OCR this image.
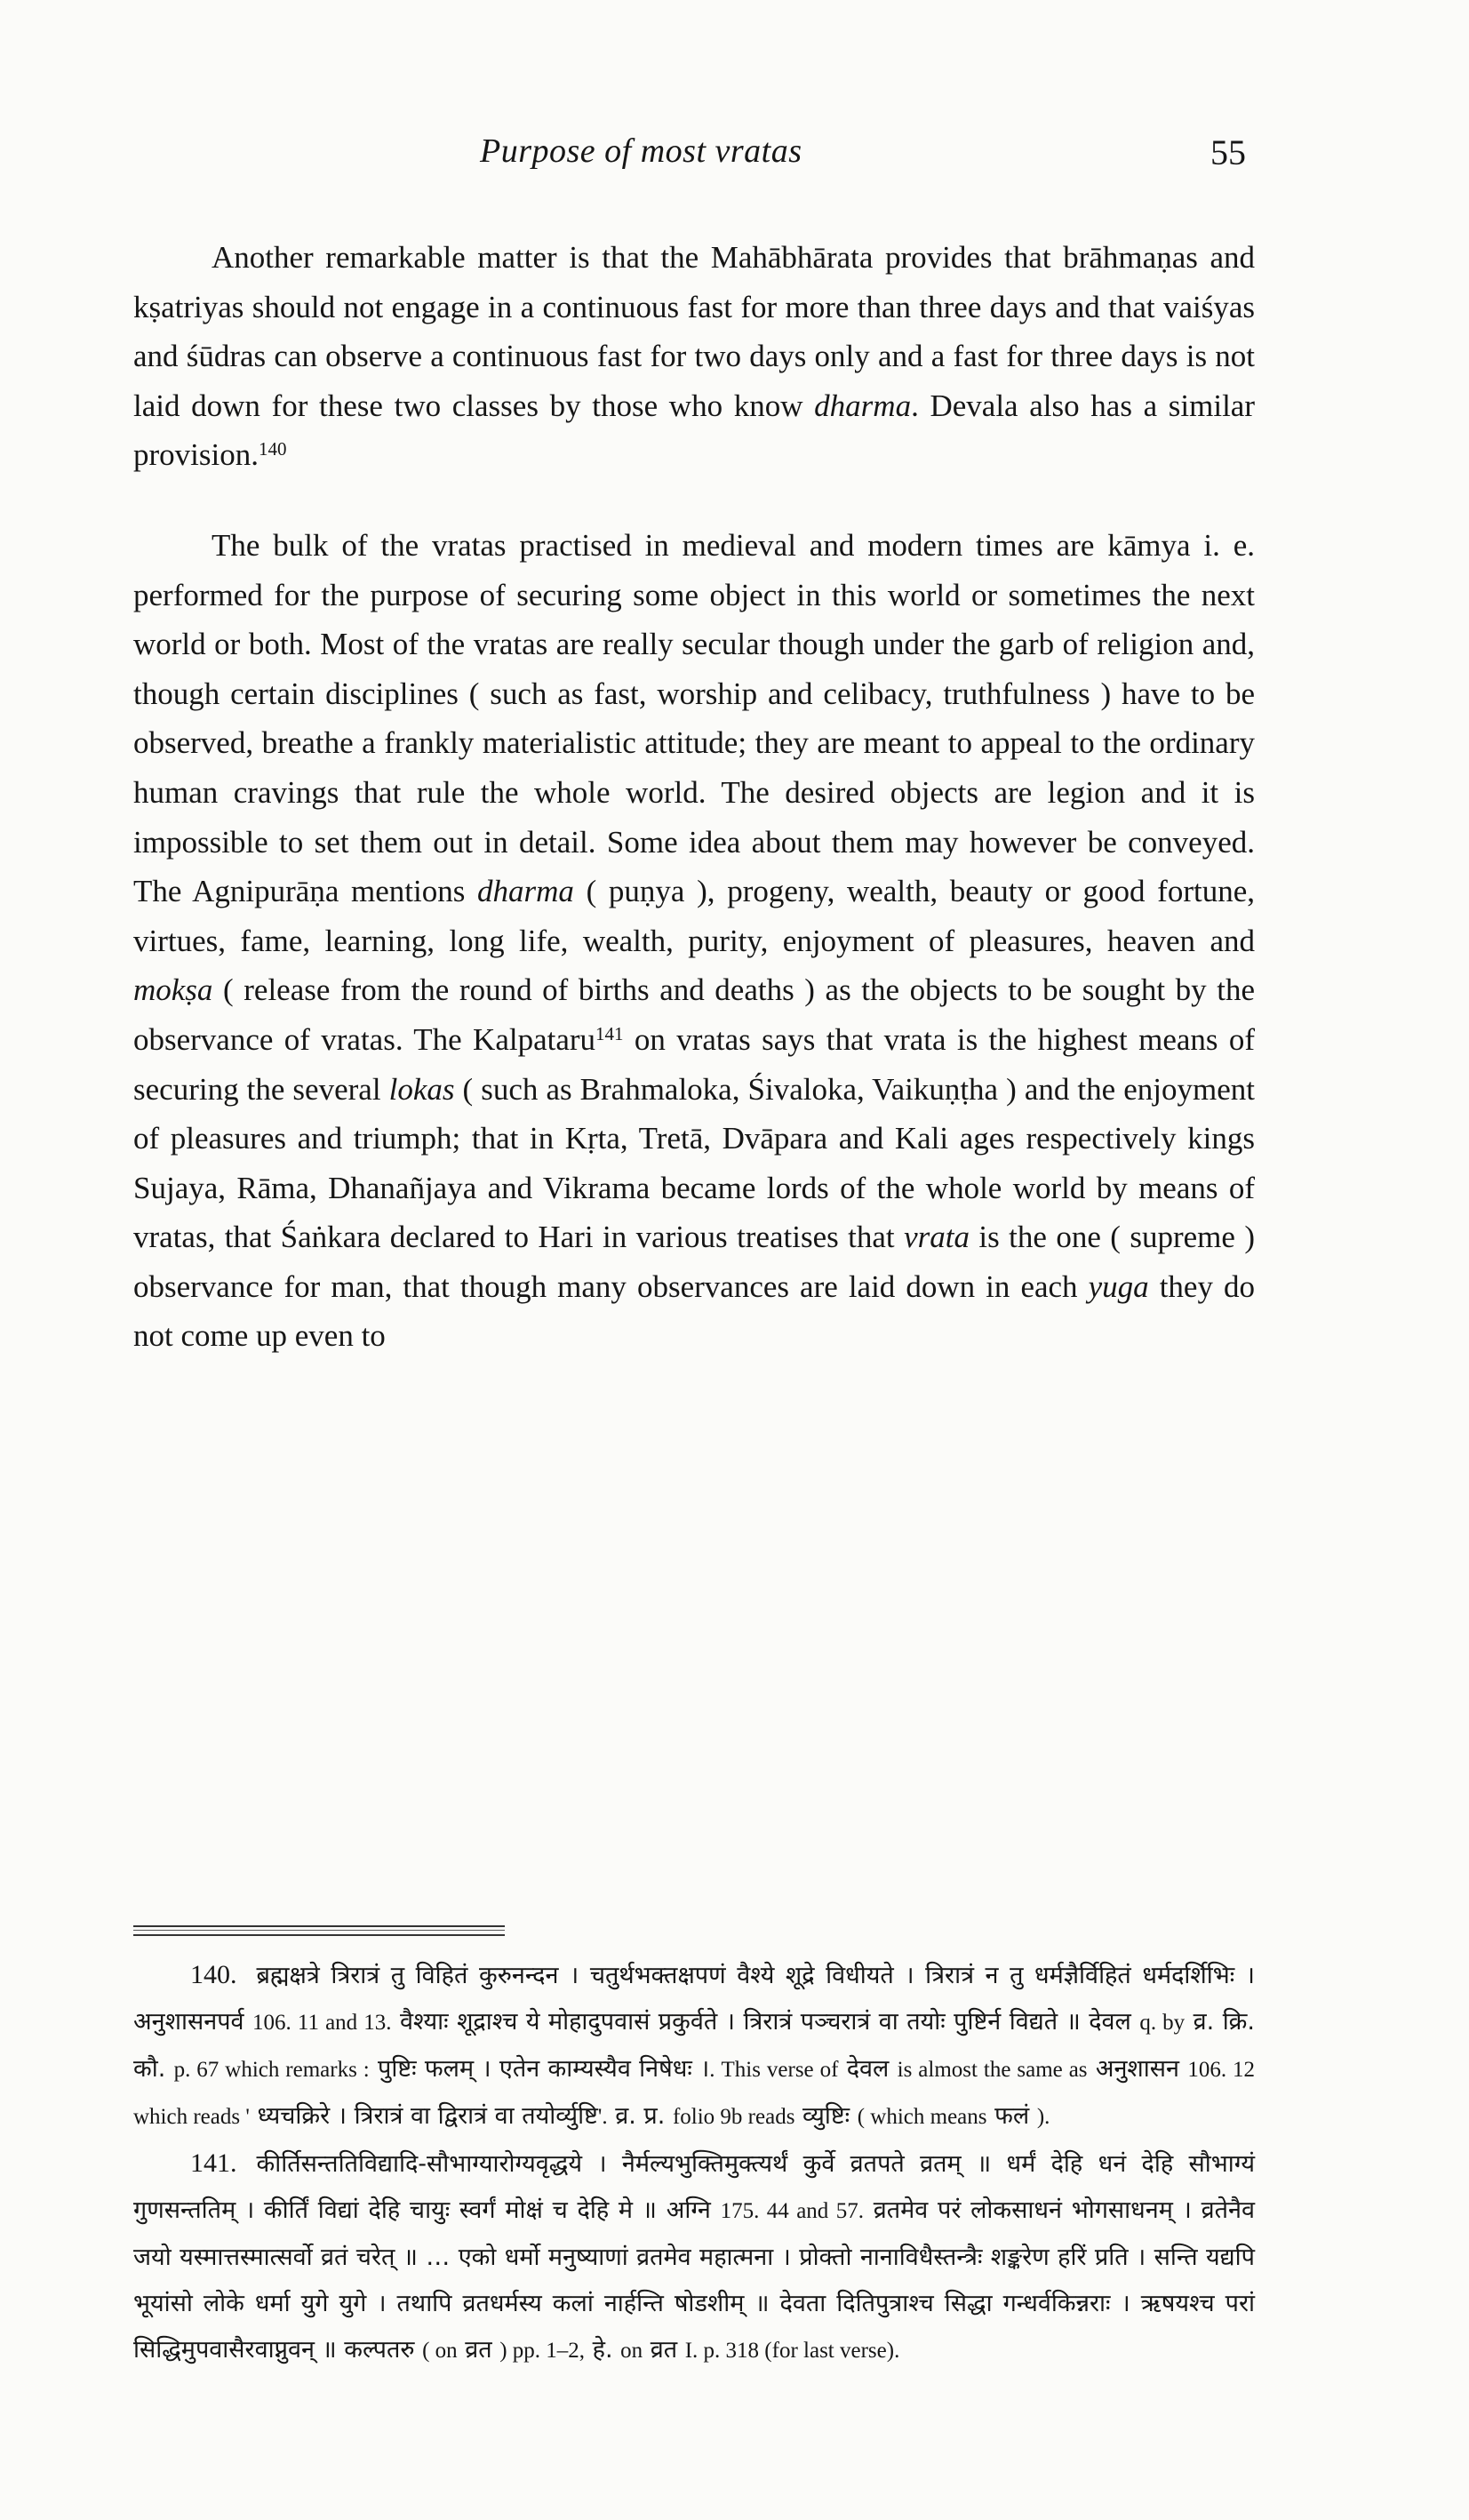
Purpose of most vratas	55

Another remarkable matter is that the Mahābhārata provides that brāhmaṇas and kṣatriyas should not engage in a continuous fast for more than three days and that vaiśyas and śūdras can observe a continuous fast for two days only and a fast for three days is not laid down for these two classes by those who know dharma. Devala also has a similar provision.$^{140}$

The bulk of the vratas practised in medieval and modern times are kāmya i. e. performed for the purpose of securing some object in this world or sometimes the next world or both. Most of the vratas are really secular though under the garb of religion and, though certain disciplines ( such as fast, worship and celibacy, truthfulness ) have to be observed, breathe a frankly materialistic attitude; they are meant to appeal to the ordinary human cravings that rule the whole world. The desired objects are legion and it is impossible to set them out in detail. Some idea about them may however be conveyed. The Agnipurāṇa mentions dharma ( puṇya ), progeny, wealth, beauty or good fortune, virtues, fame, learning, long life, wealth, purity, enjoyment of pleasures, heaven and mokṣa ( release from the round of births and deaths ) as the objects to be sought by the observance of vratas. The Kalpataru$^{141}$ on vratas says that vrata is the highest means of securing the several lokas ( such as Brahmaloka, Śivaloka, Vaikuṇṭha ) and the enjoyment of pleasures and triumph; that in Kṛta, Tretā, Dvāpara and Kali ages respectively kings Sujaya, Rāma, Dhanañjaya and Vikrama became lords of the whole world by means of vratas, that Śaṅkara declared to Hari in various treatises that vrata is the one ( supreme ) observance for man, that though many observances are laid down in each yuga they do not come up even to

140. ब्रह्मक्षत्रे त्रिरात्रं तु विहितं कुरुनन्दन । चतुर्थभक्तक्षपणं वैश्ये शूद्रे विधीयते । त्रिरात्रं न तु धर्मज्ञैर्विहितं धर्मदर्शिभिः । अनुशासनपर्व 106. 11 and 13. वैश्याः शूद्राश्च ये मोहादुपवासं प्रकुर्वते । त्रिरात्रं पञ्चरात्रं वा तयोः पुष्टिर्न विद्यते ॥ देवल q. by व्र. क्रि. कौ. p. 67 which remarks : पुष्टिः फलम् । एतेन काम्यस्यैव निषेधः ।. This verse of देवल is almost the same as अनुशासन 106. 12 which reads ' ध्यचक्रिरे । त्रिरात्रं वा द्विरात्रं वा तयोर्व्युष्टि'. व्र. प्र. folio 9b reads व्युष्टिः ( which means फलं ).

141. कीर्तिसन्ततिविद्यादि-सौभाग्यारोग्यवृद्धये । नैर्मल्यभुक्तिमुक्त्यर्थं कुर्वे व्रतपते व्रतम् ॥ धर्मं देहि धनं देहि सौभाग्यं गुणसन्ततिम् । कीर्तिं विद्यां देहि चायुः स्वर्गं मोक्षं च देहि मे ॥ अग्नि 175. 44 and 57. व्रतमेव परं लोकसाधनं भोगसाधनम् । व्रतेनैव जयो यस्मात्तस्मात्सर्वो व्रतं चरेत् ॥ … एको धर्मो मनुष्याणां व्रतमेव महात्मना । प्रोक्तो नानाविधैस्तन्त्रैः शङ्करेण हरिं प्रति । सन्ति यद्यपि भूयांसो लोके धर्मा युगे युगे । तथापि व्रतधर्मस्य कलां नार्हन्ति षोडशीम् ॥ देवता दितिपुत्राश्च सिद्धा गन्धर्वकिन्नराः । ऋषयश्च परां सिद्धिमुपवासैरवाप्नुवन् ॥ कल्पतरु ( on व्रत ) pp. 1–2, हे. on व्रत I. p. 318 (for last verse).
